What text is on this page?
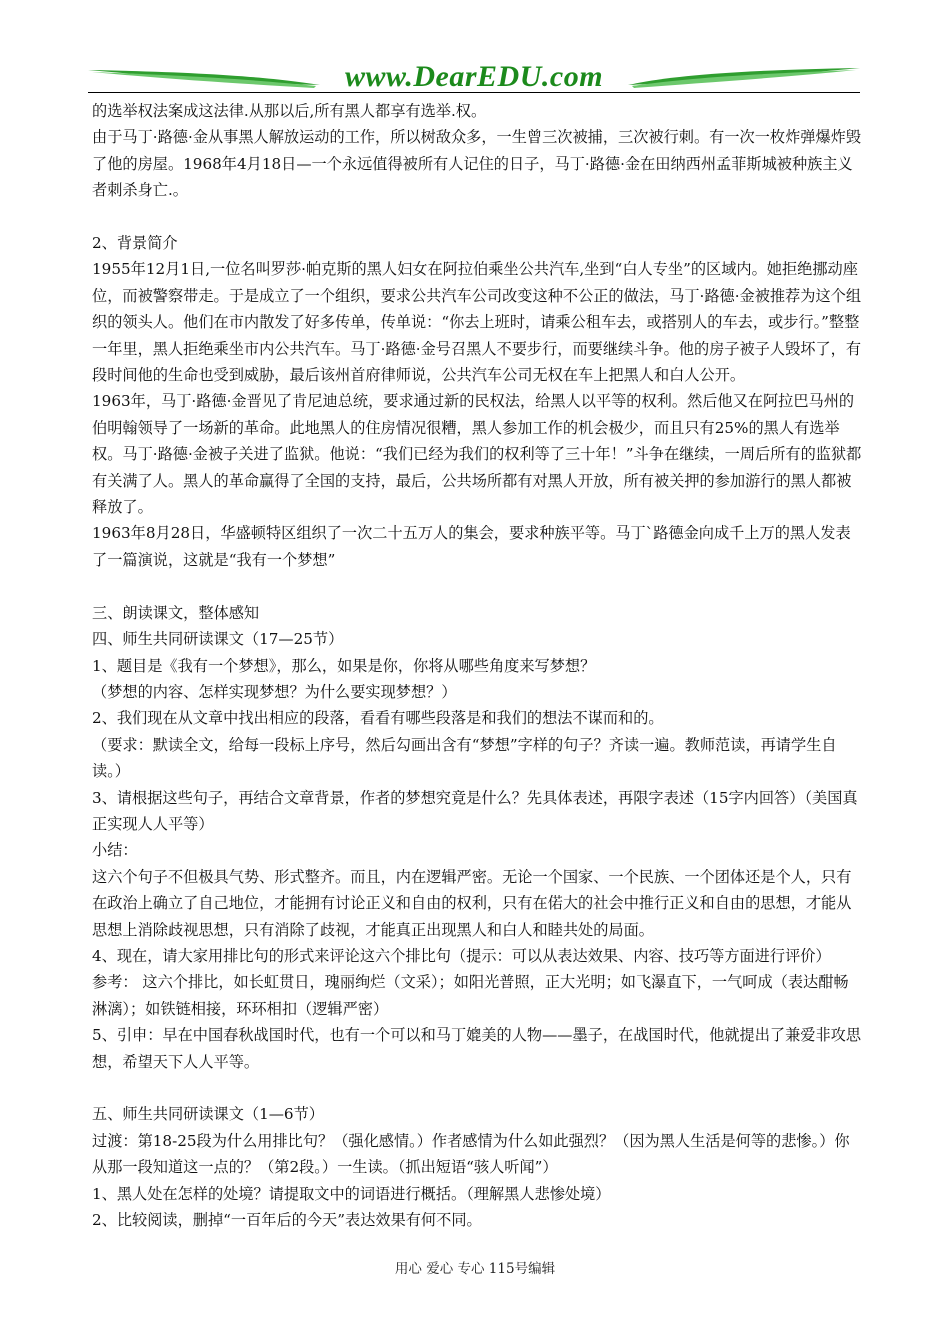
www.DearEDU.com

的选举权法案成这法律.从那以后,所有黑人都享有选举.权。

由于马丁·路德·金从事黑人解放运动的工作，所以树敌众多，一生曾三次被捕，三次被行刺。有一次一枚炸弹爆炸毁了他的房屋。1968年4月18日—一个永远值得被所有人记住的日子，马丁·路德·金在田纳西州孟菲斯城被种族主义者刺杀身亡.。

2、背景简介

1955年12月1日,一位名叫罗莎·帕克斯的黑人妇女在阿拉伯乘坐公共汽车,坐到“白人专坐”的区域内。她拒绝挪动座位，而被警察带走。于是成立了一个组织，要求公共汽车公司改变这种不公正的做法，马丁·路德·金被推荐为这个组织的领头人。他们在市内散发了好多传单，传单说：“你去上班时，请乘公租车去，或搭别人的车去，或步行。”整整一年里，黑人拒绝乘坐市内公共汽车。马丁·路德·金号召黑人不要步行，而要继续斗争。他的房子被子人毁坏了，有段时间他的生命也受到威胁，最后该州首府律师说，公共汽车公司无权在车上把黑人和白人公开。

1963年，马丁·路德·金晋见了肯尼迪总统，要求通过新的民权法，给黑人以平等的权利。然后他又在阿拉巴马州的伯明翰领导了一场新的革命。此地黑人的住房情况很糟，黑人参加工作的机会极少，而且只有25%的黑人有选举权。马丁·路德·金被子关进了监狱。他说：“我们已经为我们的权利等了三十年！”斗争在继续，一周后所有的监狱都有关满了人。黑人的革命赢得了全国的支持，最后，公共场所都有对黑人开放，所有被关押的参加游行的黑人都被释放了。

1963年8月28日，华盛顿特区组织了一次二十五万人的集会，要求种族平等。马丁`路德金向成千上万的黑人发表了一篇演说，这就是“我有一个梦想”

三、朗读课文，整体感知

四、师生共同研读课文（17—25节）

1、题目是《我有一个梦想》，那么，如果是你，你将从哪些角度来写梦想？

（梦想的内容、怎样实现梦想？为什么要实现梦想？）

2、我们现在从文章中找出相应的段落，看看有哪些段落是和我们的想法不谋而和的。

（要求：默读全文，给每一段标上序号，然后勾画出含有“梦想”字样的句子？齐读一遍。教师范读，再请学生自读。）

3、请根据这些句子，再结合文章背景，作者的梦想究竟是什么？先具体表述，再限字表述（15字内回答）（美国真正实现人人平等）

小结：

这六个句子不但极具气势、形式整齐。而且，内在逻辑严密。无论一个国家、一个民族、一个团体还是个人，只有在政治上确立了自己地位，才能拥有讨论正义和自由的权利，只有在偌大的社会中推行正义和自由的思想，才能从思想上消除歧视思想，只有消除了歧视，才能真正出现黑人和白人和睦共处的局面。

4、现在，请大家用排比句的形式来评论这六个排比句（提示：可以从表达效果、内容、技巧等方面进行评价）

参考： 这六个排比，如长虹贯日，瑰丽绚烂（文采）；如阳光普照，正大光明；如飞瀑直下，一气呵成（表达酣畅淋漓）；如铁链相接，环环相扣（逻辑严密）

5、引申：早在中国春秋战国时代，也有一个可以和马丁媲美的人物——墨子，在战国时代，他就提出了兼爱非攻思想，希望天下人人平等。

五、师生共同研读课文（1—6节）

过渡：第18-25段为什么用排比句？（强化感情。）作者感情为什么如此强烈？（因为黑人生活是何等的悲惨。）你从那一段知道这一点的？（第2段。）一生读。（抓出短语“骇人听闻”）

1、黑人处在怎样的处境？请提取文中的词语进行概括。（理解黑人悲惨处境）

2、比较阅读，删掉“一百年后的今天”表达效果有何不同。

用心 爱心 专心 115号编辑
